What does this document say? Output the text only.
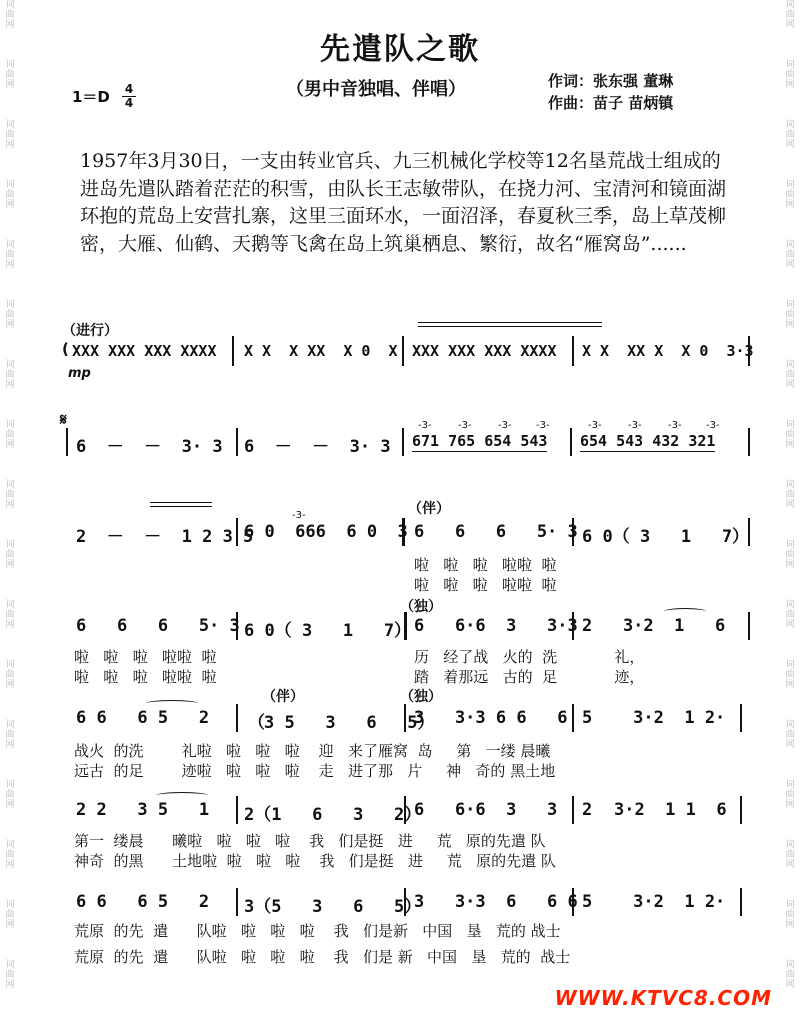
词曲网
词曲网
词曲网
词曲网
词曲网
词曲网
词曲网
词曲网
词曲网
词曲网
词曲网
词曲网
词曲网
词曲网
词曲网
词曲网
词曲网
词曲网
词曲网
词曲网
词曲网
词曲网
词曲网
词曲网
词曲网
词曲网
词曲网
词曲网
词曲网
词曲网
词曲网
词曲网
词曲网
词曲网
先遣队之歌
（男中音独唱、伴唱）
1＝D 4
4
作词：张东强 董琳
作曲：苗子 苗炳镇
1957年3月30日，一支由转业官兵、九三机械化学校等12名垦荒战士组成的进岛先遣队踏着茫茫的积雪，由队长王志敏带队，在挠力河、宝清河和镜面湖环抱的荒岛上安营扎寨，这里三面环水，一面沼泽，春夏秋三季，岛上草茂柳密，大雁、仙鹤、天鹅等飞禽在岛上筑巢栖息、繁衍，故名“雁窝岛”......
（进行）
( XXX XXX XXX XXXX X X  X XX  X 0  X XXX XXX XXX XXXX X X  XX X  X 0  3·3
mp
𝄋
6  －  －  3· 3 6  －  －  3· 3
-3-	-3-	-3- -3-
671 765 654 543
-3-	-3-	-3- -3-
654 543 432 321
2  －  －  1 2 3 5
-3-
6 0  666  6 0  3
（伴）
6   6   6   5· 3 6 0（ 3   1   7）
啦   啦   啦   啦啦  啦
啦   啦   啦   啦啦  啦
6   6   6   5· 3 6 0（ 3   1   7）
（独）
6   6·6  3   3·3 2   3·2  1   6
啦   啦   啦   啦啦  啦
啦   啦   啦   啦啦  啦
历   经了战   火的  洗            礼，
踏   着那远   古的  足            迹，
（伴）	（独）
6 6   6 5   2 （ 3 5   3   6   5）
3   3·3 6 6   6 5    3·2  1 2·
战火  的洗        礼啦   啦   啦   啦    迎   来了雁窝  岛     第   一缕 晨曦
远古  的足        迹啦   啦   啦   啦    走   进了那   片     神   奇的 黑土地
2 2   3 5   1 2（1   6   3   2）
6   6·6  3   3	3·2  1 1  6
2
第一  缕晨      曦啦   啦   啦   啦    我   们是挺   进     荒   原的先遣 队
神奇  的黑      土地啦  啦   啦   啦    我   们是挺   进     荒   原的先遣 队
6 6   6 5   2 3（5   3   6   5）
3   3·3  6   6 6 5    3·2  1 2·
荒原  的先  遣      队啦   啦   啦   啦    我   们是新   中国   垦   荒的 战士
荒原  的先  遣      队啦   啦   啦   啦    我   们是 新   中国   垦   荒的  战士
WWW.KTVC8.COM
